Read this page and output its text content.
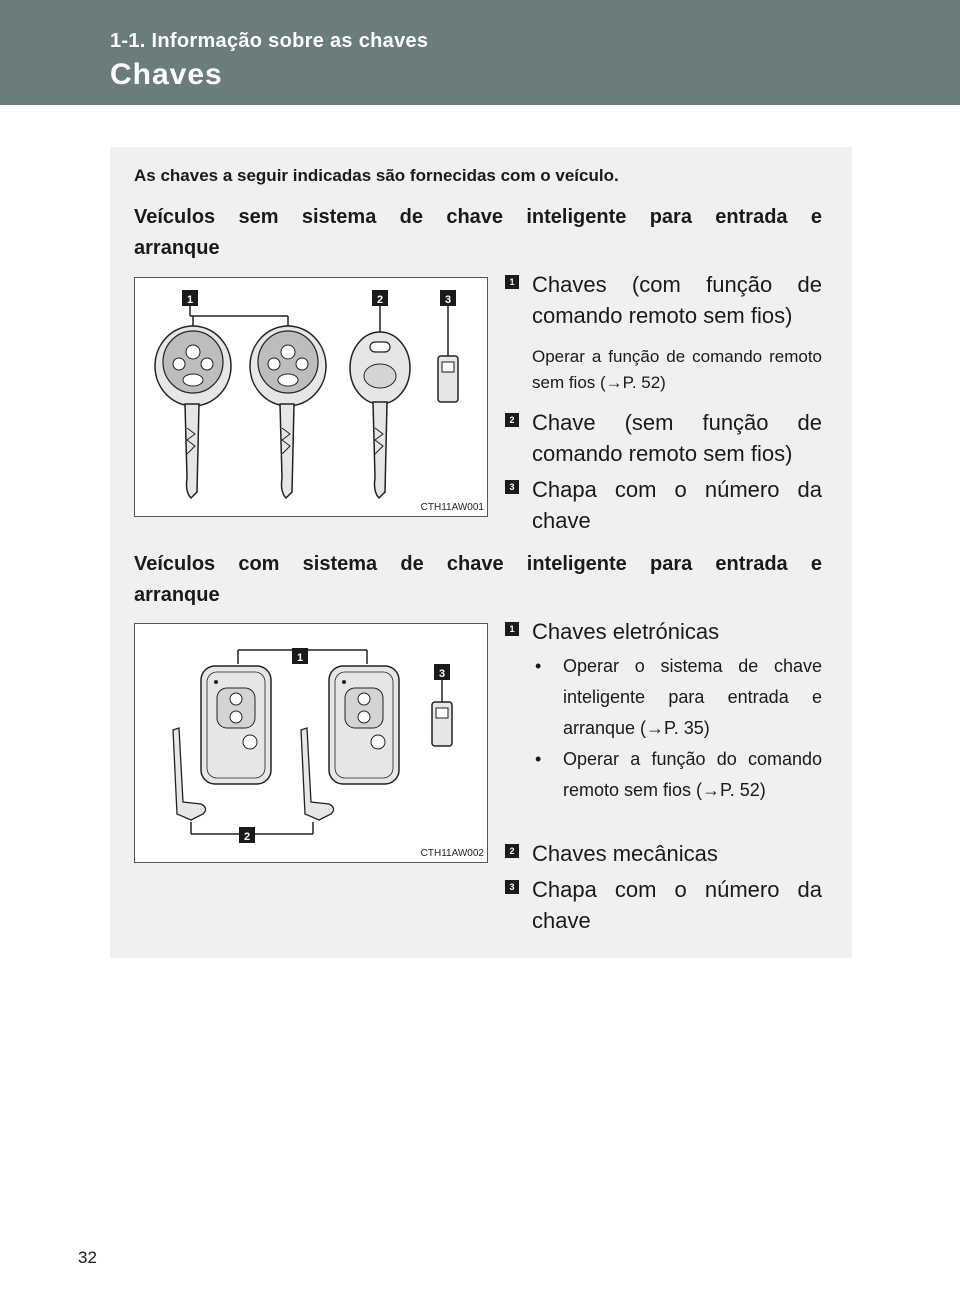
1-1. Informação sobre as chaves
Chaves
As chaves a seguir indicadas são fornecidas com o veículo.
Veículos sem sistema de chave inteligente para entrada e arranque
1	2	3
CTH11AW001
1 Chaves (com função de comando remoto sem fios)
Operar a função de comando remoto sem fios (→P. 52)
2 Chave (sem função de comando remoto sem fios)
3 Chapa com o número da chave
Veículos com sistema de chave inteligente para entrada e arranque
1
2
3
CTH11AW002
1 Chaves eletrónicas
• Operar o sistema de chave inteligente para entrada e arranque (→P. 35)
• Operar a função do comando remoto sem fios (→P. 52)
2 Chaves mecânicas
3 Chapa com o número da chave
32
